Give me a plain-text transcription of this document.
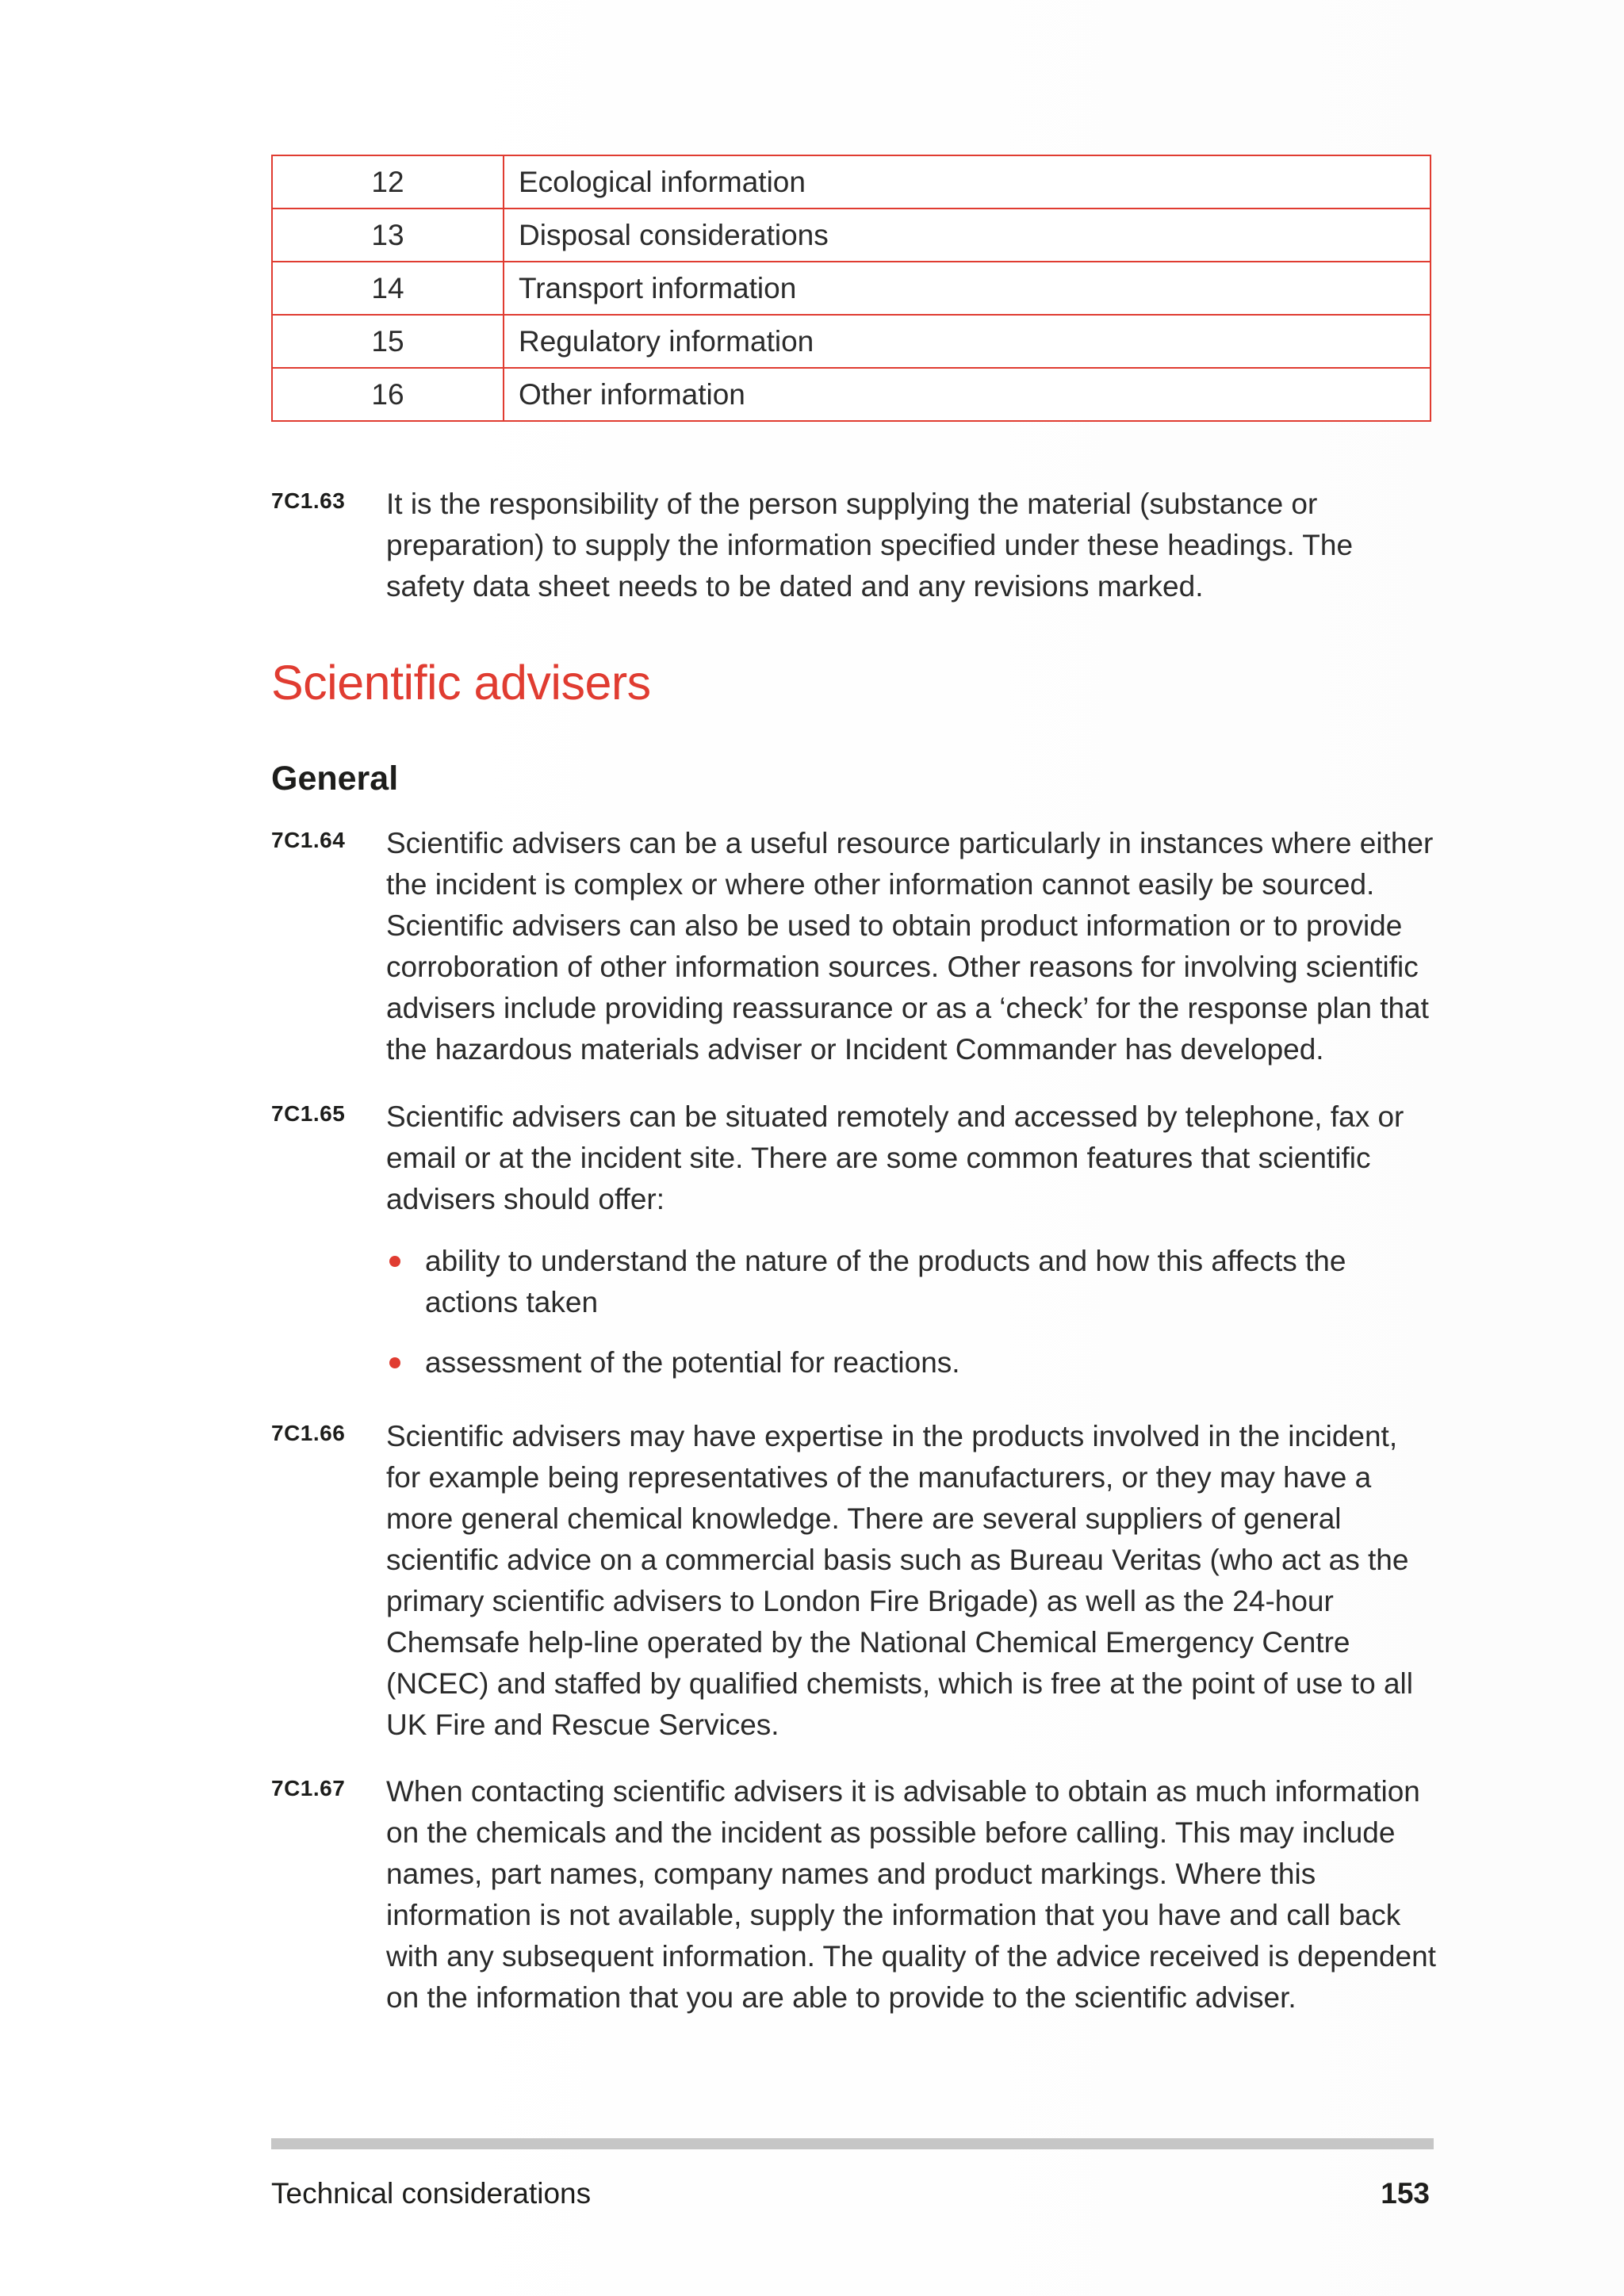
12	Ecological information
13	Disposal considerations
14	Transport information
15	Regulatory information
16	Other information
7C1.63 It is the responsibility of the person supplying the material (substance or preparation) to supply the information specified under these headings. The safety data sheet needs to be dated and any revisions marked.
Scientific advisers
General
7C1.64 Scientific advisers can be a useful resource particularly in instances where either the incident is complex or where other information cannot easily be sourced. Scientific advisers can also be used to obtain product information or to provide corroboration of other information sources. Other reasons for involving scientific advisers include providing reassurance or as a ‘check’ for the response plan that the hazardous materials adviser or Incident Commander has developed.
7C1.65 Scientific advisers can be situated remotely and accessed by telephone, fax or email or at the incident site. There are some common features that scientific advisers should offer:
ability to understand the nature of the products and how this affects the actions taken
assessment of the potential for reactions.
7C1.66 Scientific advisers may have expertise in the products involved in the incident, for example being representatives of the manufacturers, or they may have a more general chemical knowledge. There are several suppliers of general scientific advice on a commercial basis such as Bureau Veritas (who act as the primary scientific advisers to London Fire Brigade) as well as the 24-hour Chemsafe help-line operated by the National Chemical Emergency Centre (NCEC) and staffed by qualified chemists, which is free at the point of use to all UK Fire and Rescue Services.
7C1.67 When contacting scientific advisers it is advisable to obtain as much information on the chemicals and the incident as possible before calling. This may include names, part names, company names and product markings. Where this information is not available, supply the information that you have and call back with any subsequent information. The quality of the advice received is dependent on the information that you are able to provide to the scientific adviser.
Technical considerations	153
